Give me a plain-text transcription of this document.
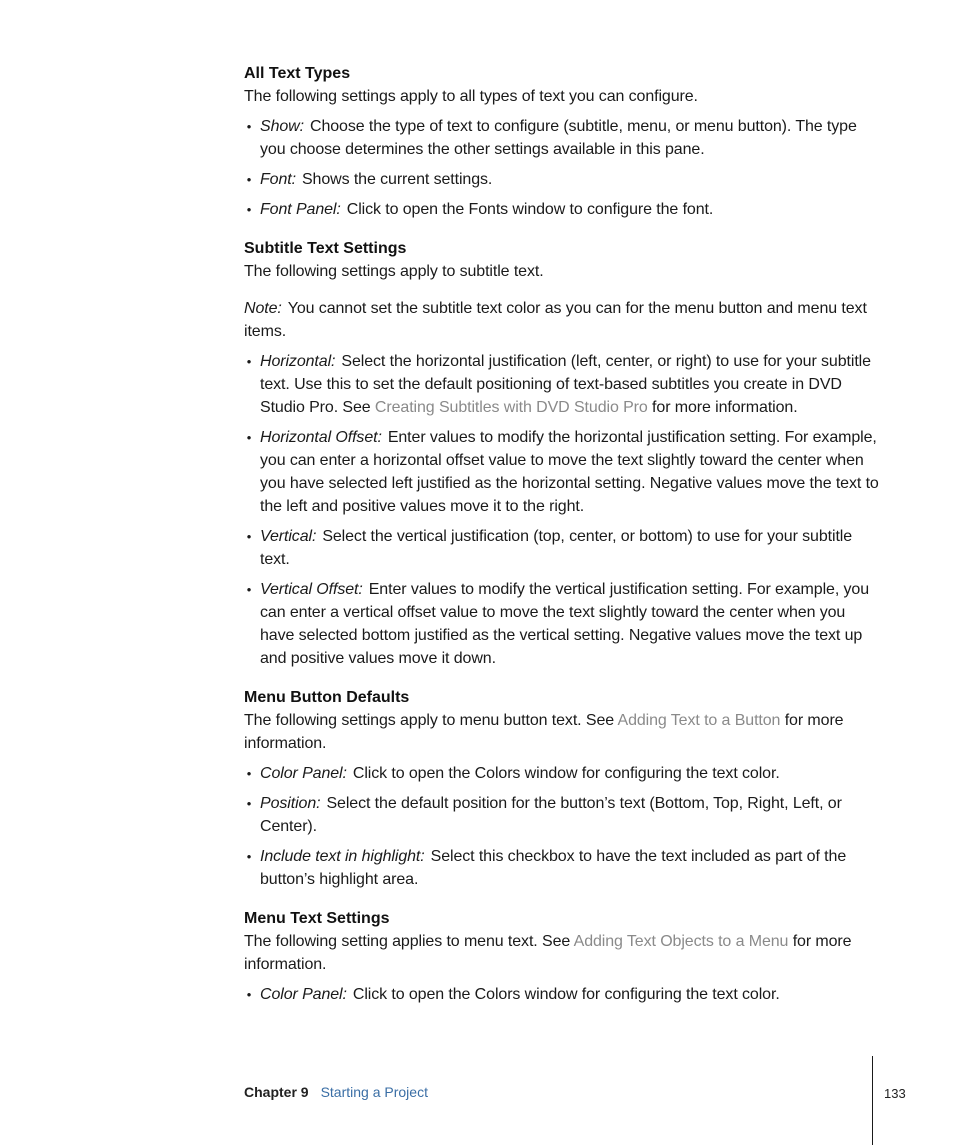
All Text Types

The following settings apply to all types of text you can configure.

• Show: Choose the type of text to configure (subtitle, menu, or menu button). The type you choose determines the other settings available in this pane.
• Font: Shows the current settings.
• Font Panel: Click to open the Fonts window to configure the font.
Subtitle Text Settings

The following settings apply to subtitle text.

Note: You cannot set the subtitle text color as you can for the menu button and menu text items.

• Horizontal: Select the horizontal justification (left, center, or right) to use for your subtitle text. Use this to set the default positioning of text-based subtitles you create in DVD Studio Pro. See Creating Subtitles with DVD Studio Pro for more information.
• Horizontal Offset: Enter values to modify the horizontal justification setting. For example, you can enter a horizontal offset value to move the text slightly toward the center when you have selected left justified as the horizontal setting. Negative values move the text to the left and positive values move it to the right.
• Vertical: Select the vertical justification (top, center, or bottom) to use for your subtitle text.
• Vertical Offset: Enter values to modify the vertical justification setting. For example, you can enter a vertical offset value to move the text slightly toward the center when you have selected bottom justified as the vertical setting. Negative values move the text up and positive values move it down.
Menu Button Defaults

The following settings apply to menu button text. See Adding Text to a Button for more information.

• Color Panel: Click to open the Colors window for configuring the text color.
• Position: Select the default position for the button’s text (Bottom, Top, Right, Left, or Center).
• Include text in highlight: Select this checkbox to have the text included as part of the button’s highlight area.
Menu Text Settings

The following setting applies to menu text. See Adding Text Objects to a Menu for more information.

• Color Panel: Click to open the Colors window for configuring the text color.
Chapter 9 Starting a Project	133
